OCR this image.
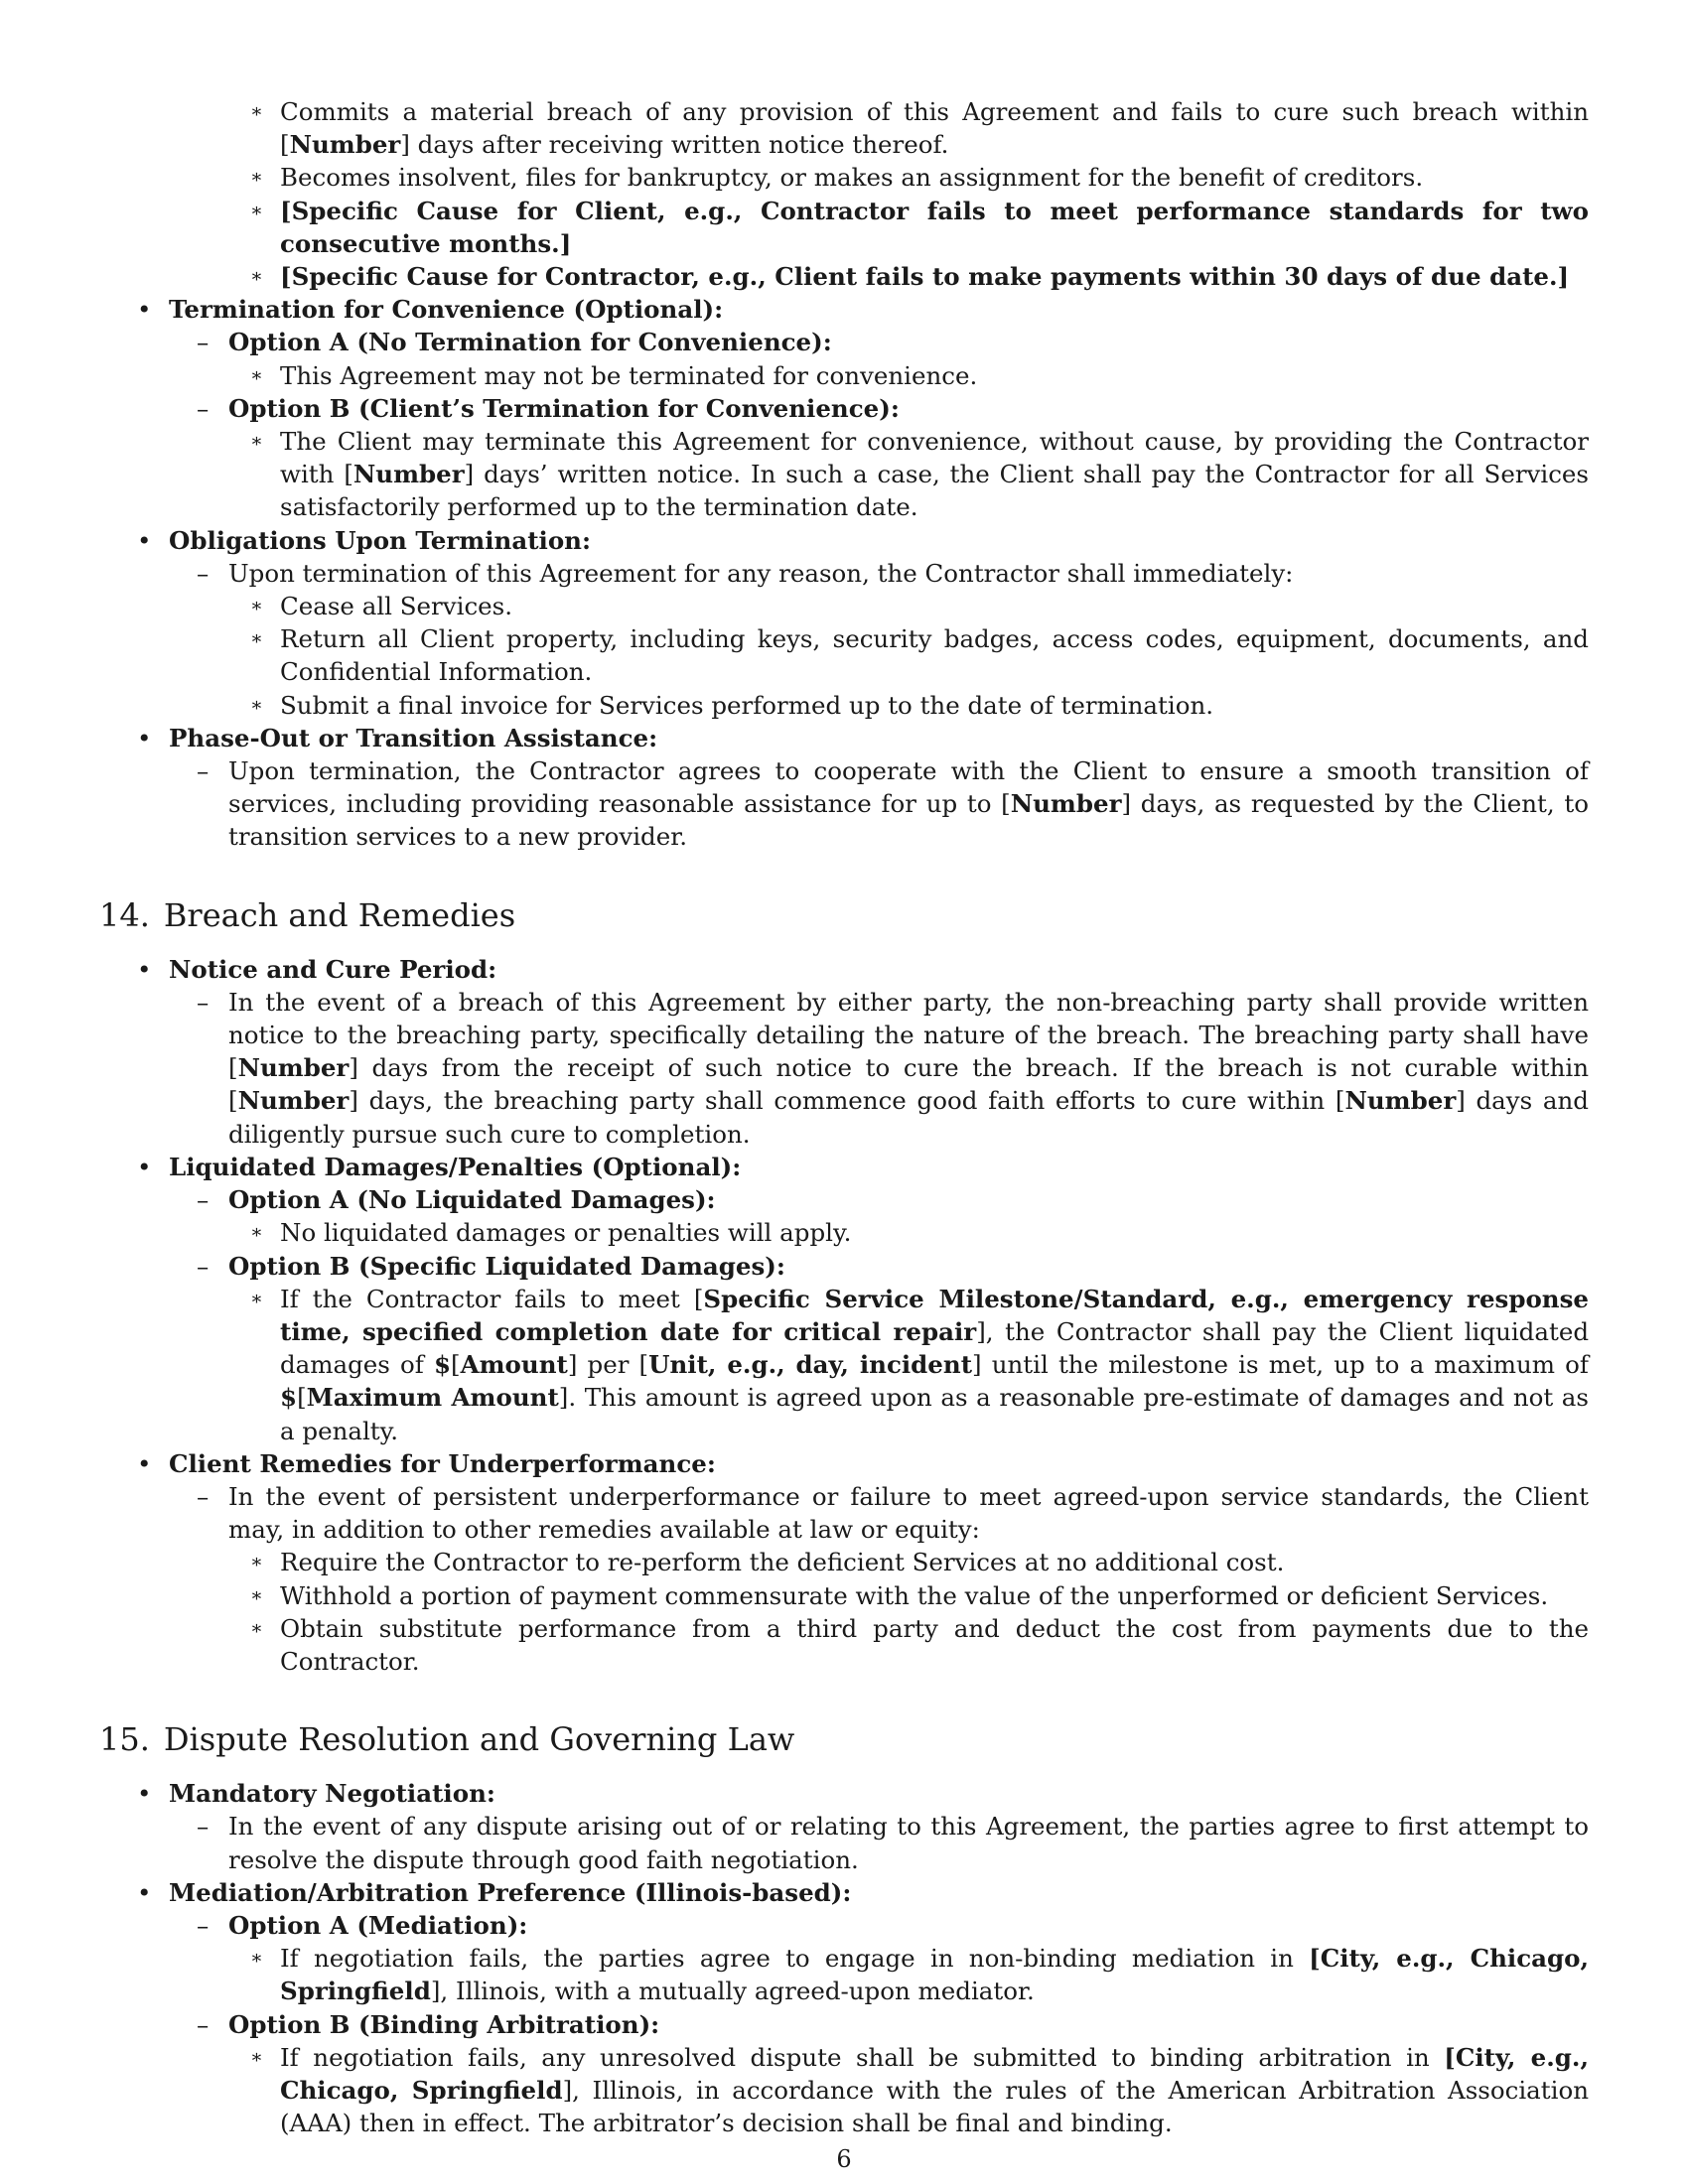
∗ Commits a material breach of any provision of this Agreement and fails to cure such breach within [Number] days after receiving written notice thereof.
∗ Becomes insolvent, files for bankruptcy, or makes an assignment for the benefit of creditors.
∗ [Specific Cause for Client, e.g., Contractor fails to meet performance standards for two consecutive months.]
∗ [Specific Cause for Contractor, e.g., Client fails to make payments within 30 days of due date.]
• Termination for Convenience (Optional):
– Option A (No Termination for Convenience):
∗ This Agreement may not be terminated for convenience.
– Option B (Client’s Termination for Convenience):
∗ The Client may terminate this Agreement for convenience, without cause, by providing the Contractor with [Number] days’ written notice. In such a case, the Client shall pay the Contractor for all Services satisfactorily performed up to the termination date.
• Obligations Upon Termination:
– Upon termination of this Agreement for any reason, the Contractor shall immediately:
∗ Cease all Services.
∗ Return all Client property, including keys, security badges, access codes, equipment, documents, and Confidential Information.
∗ Submit a final invoice for Services performed up to the date of termination.
• Phase-Out or Transition Assistance:
– Upon termination, the Contractor agrees to cooperate with the Client to ensure a smooth transition of services, including providing reasonable assistance for up to [Number] days, as requested by the Client, to transition services to a new provider.
14. Breach and Remedies
• Notice and Cure Period:
– In the event of a breach of this Agreement by either party, the non-breaching party shall provide written notice to the breaching party, specifically detailing the nature of the breach. The breaching party shall have [Number] days from the receipt of such notice to cure the breach. If the breach is not curable within [Number] days, the breaching party shall commence good faith efforts to cure within [Number] days and diligently pursue such cure to completion.
• Liquidated Damages/Penalties (Optional):
– Option A (No Liquidated Damages):
∗ No liquidated damages or penalties will apply.
– Option B (Specific Liquidated Damages):
∗ If the Contractor fails to meet [Specific Service Milestone/Standard, e.g., emergency response time, specified completion date for critical repair], the Contractor shall pay the Client liquidated damages of $[Amount] per [Unit, e.g., day, incident] until the milestone is met, up to a maximum of $[Maximum Amount]. This amount is agreed upon as a reasonable pre-estimate of damages and not as a penalty.
• Client Remedies for Underperformance:
– In the event of persistent underperformance or failure to meet agreed-upon service standards, the Client may, in addition to other remedies available at law or equity:
∗ Require the Contractor to re-perform the deficient Services at no additional cost.
∗ Withhold a portion of payment commensurate with the value of the unperformed or deficient Services.
∗ Obtain substitute performance from a third party and deduct the cost from payments due to the Contractor.
15. Dispute Resolution and Governing Law
• Mandatory Negotiation:
– In the event of any dispute arising out of or relating to this Agreement, the parties agree to first attempt to resolve the dispute through good faith negotiation.
• Mediation/Arbitration Preference (Illinois-based):
– Option A (Mediation):
∗ If negotiation fails, the parties agree to engage in non-binding mediation in [City, e.g., Chicago, Springfield], Illinois, with a mutually agreed-upon mediator.
– Option B (Binding Arbitration):
∗ If negotiation fails, any unresolved dispute shall be submitted to binding arbitration in [City, e.g., Chicago, Springfield], Illinois, in accordance with the rules of the American Arbitration Association (AAA) then in effect. The arbitrator’s decision shall be final and binding.
6
